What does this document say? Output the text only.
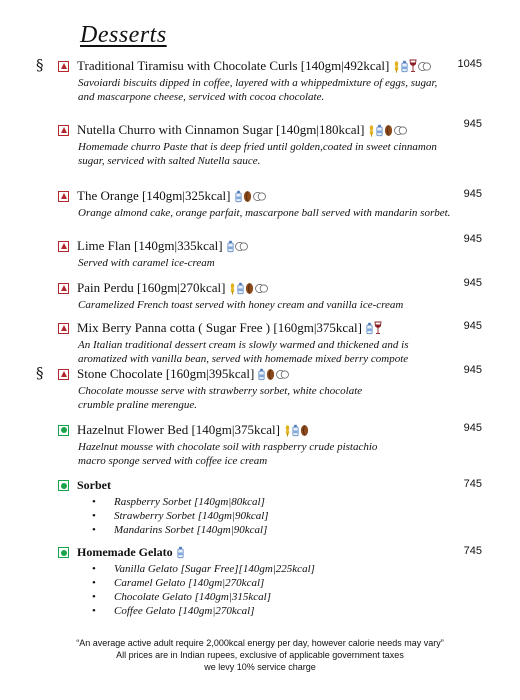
Desserts
§	Traditional Tiramisu with Chocolate Curls [140gm|492kcal]
Savoiardi biscuits dipped in coffee, layered with a whippedmixture of eggs, sugar, and mascarpone cheese, serviced with cocoa chocolate.
1045
Nutella Churro with Cinnamon Sugar [140gm|180kcal]
Homemade churro Paste that is deep fried until golden,coated in sweet cinnamon sugar, serviced with salted Nutella sauce.
945
The Orange [140gm|325kcal]
Orange almond cake, orange parfait, mascarpone ball served with mandarin sorbet.
945
Lime Flan [140gm|335kcal]
Served with caramel ice-cream
945
Pain Perdu [160gm|270kcal]
Caramelized French toast served with honey cream and vanilla ice-cream
945
Mix Berry Panna cotta ( Sugar Free ) [160gm|375kcal]
An Italian traditional dessert cream is slowly warmed and thickened and is aromatized with vanilla bean, served with homemade mixed berry compote
945
§	Stone Chocolate [160gm|395kcal]
Chocolate mousse serve with strawberry sorbet, white chocolate crumble praline merengue.
945
Hazelnut Flower Bed [140gm|375kcal]
Hazelnut mousse with chocolate soil with raspberry crude pistachio macro sponge served with coffee ice cream
945
Sorbet
• Raspberry Sorbet [140gm|80kcal]
• Strawberry Sorbet [140gm|90kcal]
• Mandarins Sorbet [140gm|90kcal]
745
Homemade Gelato
• Vanilla Gelato [Sugar Free][140gm|225kcal]
• Caramel Gelato [140gm|270kcal]
• Chocolate Gelato [140gm|315kcal]
• Coffee Gelato [140gm|270kcal]
745
“An average active adult require 2,000kcal energy per day, however calorie needs may vary”
All prices are in Indian rupees, exclusive of applicable government taxes
we levy 10% service charge
